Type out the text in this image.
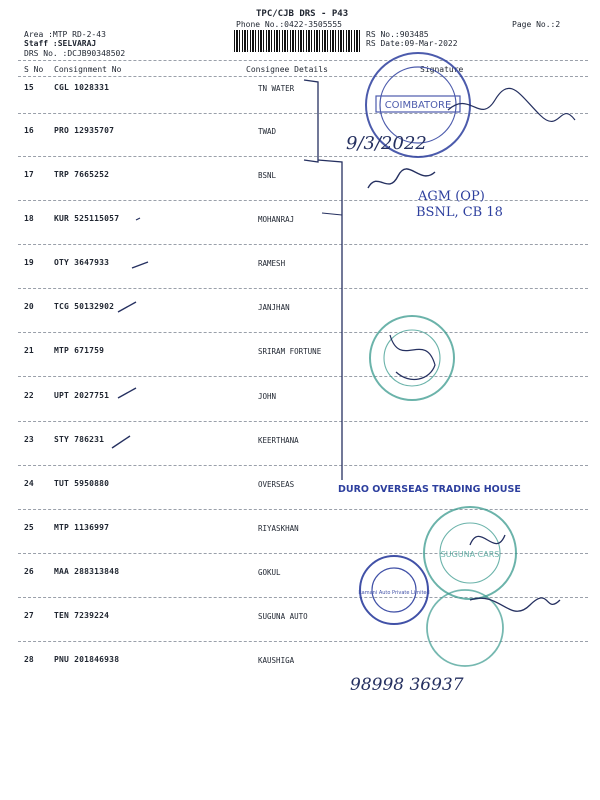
TPC/CJB DRS - P43
Phone No.:0422-3505555	Page No.:2
Area :MTP RD-2-43
Staff :SELVARAJ
DRS No. :DCJB90348502
RS No.:903485
RS Date:09-Mar-2022
S No Consignment No	Consignee Details	Signature
15	CGL 1028331	TN WATER
16	PRO 12935707	TWAD
17	TRP 7665252	BSNL
18	KUR 525115057	MOHANRAJ
19	OTY 3647933	RAMESH
20	TCG 50132902	JANJHAN
21	MTP 671759	SRIRAM FORTUNE
22	UPT 2027751	JOHN
23	STY 786231	KEERTHANA
24	TUT 5950880	OVERSEAS
25	MTP 1136997	RIYASKHAN
26	MAA 288313848	GOKUL
27	TEN 7239224	SUGUNA AUTO
28	PNU 201846938	KAUSHIGA
COIMBATORE
9/3/2022
AGM (OP)
BSNL, CB 18
DURO OVERSEAS TRADING HOUSE
SUGUNA CARS
Ramani Auto Private Limited
98998 36937
